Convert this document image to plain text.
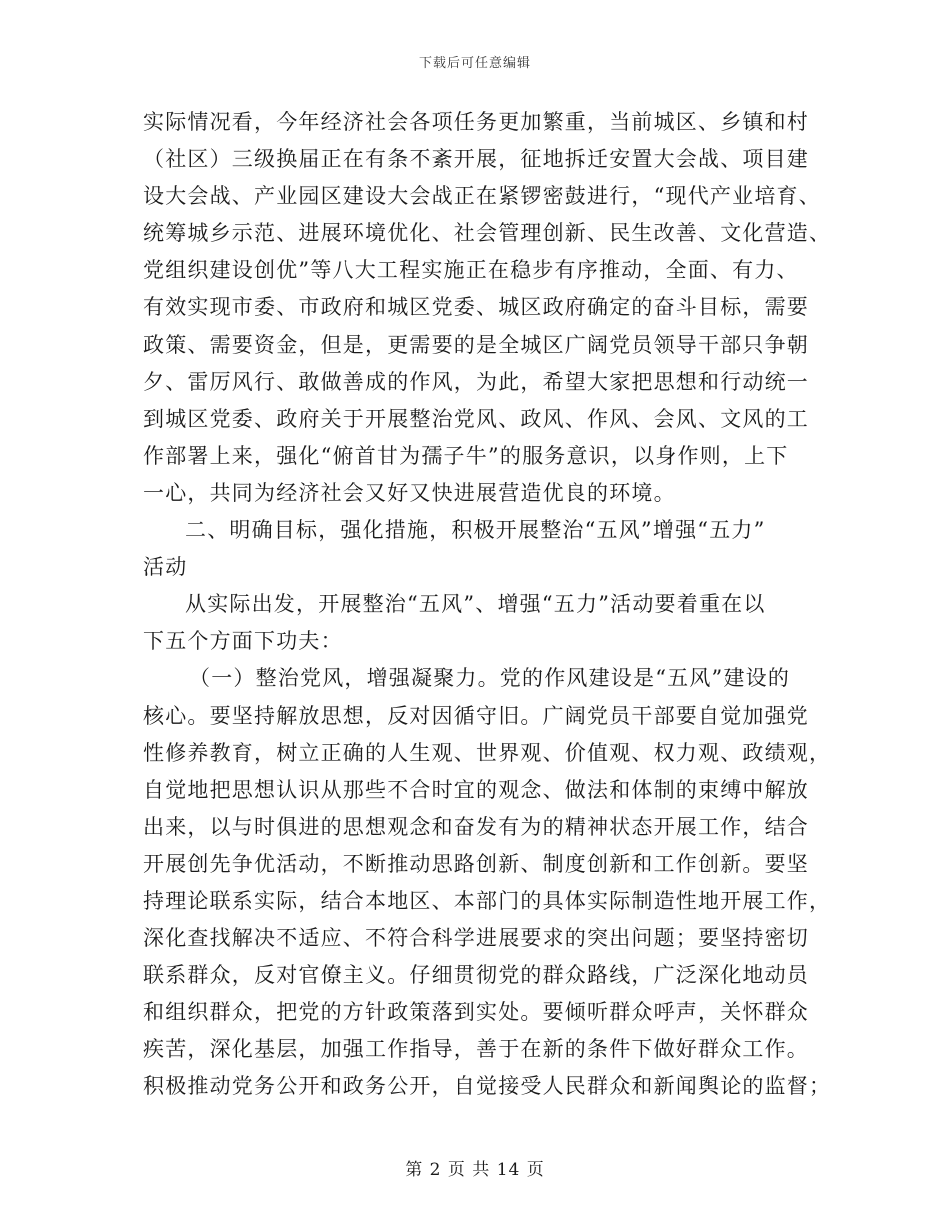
下载后可任意编辑
实际情况看，今年经济社会各项任务更加繁重，当前城区、乡镇和村
（社区）三级换届正在有条不紊开展，征地拆迁安置大会战、项目建
设大会战、产业园区建设大会战正在紧锣密鼓进行，“现代产业培育、
统筹城乡示范、进展环境优化、社会管理创新、民生改善、文化营造、
党组织建设创优”等八大工程实施正在稳步有序推动，全面、有力、
有效实现市委、市政府和城区党委、城区政府确定的奋斗目标，需要
政策、需要资金，但是，更需要的是全城区广阔党员领导干部只争朝
夕、雷厉风行、敢做善成的作风，为此，希望大家把思想和行动统一
到城区党委、政府关于开展整治党风、政风、作风、会风、文风的工
作部署上来，强化“俯首甘为孺子牛”的服务意识，以身作则，上下
一心，共同为经济社会又好又快进展营造优良的环境。
二、明确目标，强化措施，积极开展整治“五风”增强“五力”
活动
从实际出发，开展整治“五风”、增强“五力”活动要着重在以
下五个方面下功夫：
（一）整治党风，增强凝聚力。党的作风建设是“五风”建设的
核心。要坚持解放思想，反对因循守旧。广阔党员干部要自觉加强党
性修养教育，树立正确的人生观、世界观、价值观、权力观、政绩观，
自觉地把思想认识从那些不合时宜的观念、做法和体制的束缚中解放
出来，以与时俱进的思想观念和奋发有为的精神状态开展工作，结合
开展创先争优活动，不断推动思路创新、制度创新和工作创新。要坚
持理论联系实际，结合本地区、本部门的具体实际制造性地开展工作，
深化查找解决不适应、不符合科学进展要求的突出问题；要坚持密切
联系群众，反对官僚主义。仔细贯彻党的群众路线，广泛深化地动员
和组织群众，把党的方针政策落到实处。要倾听群众呼声，关怀群众
疾苦，深化基层，加强工作指导，善于在新的条件下做好群众工作。
积极推动党务公开和政务公开，自觉接受人民群众和新闻舆论的监督；
第 2 页 共 14 页
